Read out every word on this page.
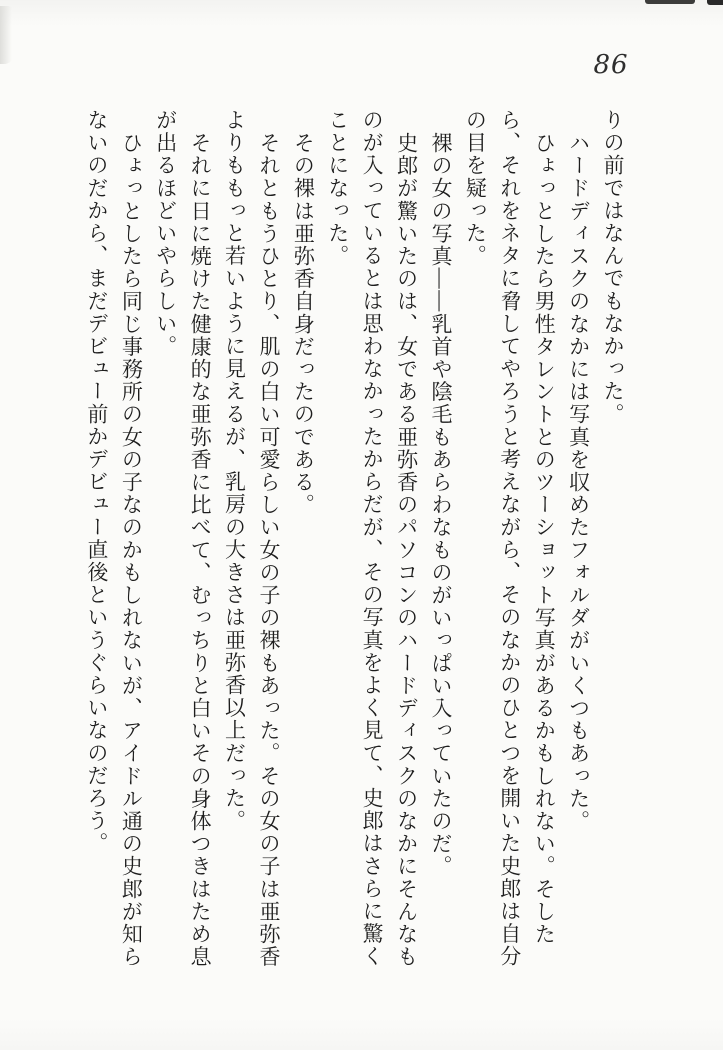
86

りの前ではなんでもなかった。

ハードディスクのなかには写真を収めたフォルダがいくつもあった。

ひょっとしたら男性タレントとのツーショット写真があるかもしれない。そしたら、それをネタに脅してやろうと考えながら、そのなかのひとつを開いた史郎は自分の目を疑った。

裸の女の写真――乳首や陰毛もあらわなものがいっぱい入っていたのだ。

史郎が驚いたのは、女である亜弥香のパソコンのハードディスクのなかにそんなものが入っているとは思わなかったからだが、その写真をよく見て、史郎はさらに驚くことになった。

その裸は亜弥香自身だったのである。

それともうひとり、肌の白い可愛らしい女の子の裸もあった。その女の子は亜弥香よりももっと若いように見えるが、乳房の大きさは亜弥香以上だった。

それに日に焼けた健康的な亜弥香に比べて、むっちりと白いその身体つきはため息が出るほどいやらしい。

ひょっとしたら同じ事務所の女の子なのかもしれないが、アイドル通の史郎が知らないのだから、まだデビュー前かデビュー直後というぐらいなのだろう。
